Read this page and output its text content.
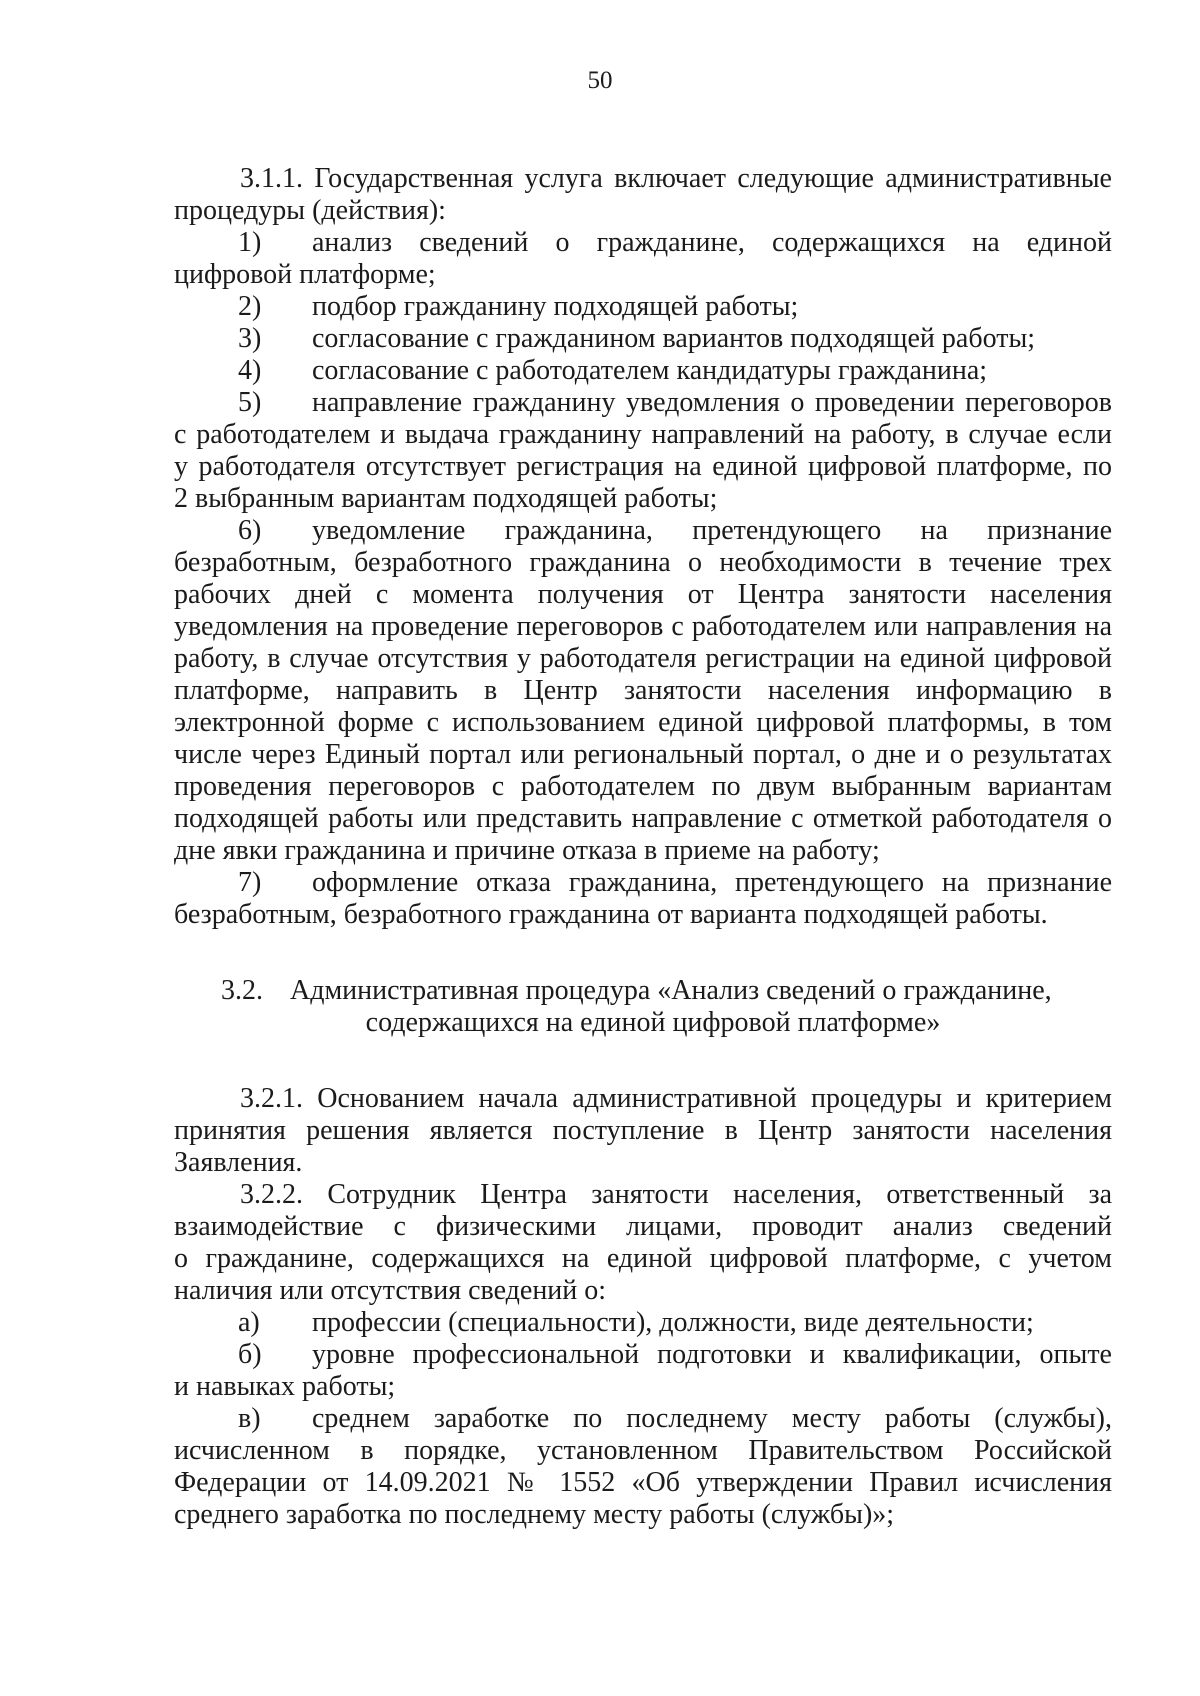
50
3.1.1. Государственная услуга включает следующие административные
процедуры (действия):
1)	анализ сведений о гражданине, содержащихся на единой
цифровой платформе;
2)	подбор гражданину подходящей работы;
3)	согласование с гражданином вариантов подходящей работы;
4)	согласование с работодателем кандидатуры гражданина;
5)	направление гражданину уведомления о проведении переговоров
с работодателем и выдача гражданину направлений на работу, в случае если
у работодателя отсутствует регистрация на единой цифровой платформе, по
2 выбранным вариантам подходящей работы;
6)	уведомление гражданина, претендующего на признание
безработным, безработного гражданина о необходимости в течение трех
рабочих дней с момента получения от Центра занятости населения
уведомления на проведение переговоров с работодателем или направления на
работу, в случае отсутствия у работодателя регистрации на единой цифровой
платформе, направить в Центр занятости населения информацию в
электронной форме с использованием единой цифровой платформы, в том
числе через Единый портал или региональный портал, о дне и о результатах
проведения переговоров с работодателем по двум выбранным вариантам
подходящей работы или представить направление с отметкой работодателя о
дне явки гражданина и причине отказа в приеме на работу;
7)	оформление отказа гражданина, претендующего на признание
безработным, безработного гражданина от варианта подходящей работы.
3.2. Административная процедура «Анализ сведений о гражданине,
содержащихся на единой цифровой платформе»
3.2.1. Основанием начала административной процедуры и критерием
принятия решения является поступление в Центр занятости населения
Заявления.
3.2.2. Сотрудник Центра занятости населения, ответственный за
взаимодействие с физическими лицами, проводит анализ сведений
о гражданине, содержащихся на единой цифровой платформе, с учетом
наличия или отсутствия сведений о:
а)	профессии (специальности), должности, виде деятельности;
б)	уровне профессиональной подготовки и квалификации, опыте
и навыках работы;
в)	среднем заработке по последнему месту работы (службы),
исчисленном в порядке, установленном Правительством Российской
Федерации от 14.09.2021 № 1552 «Об утверждении Правил исчисления
среднего заработка по последнему месту работы (службы)»;
